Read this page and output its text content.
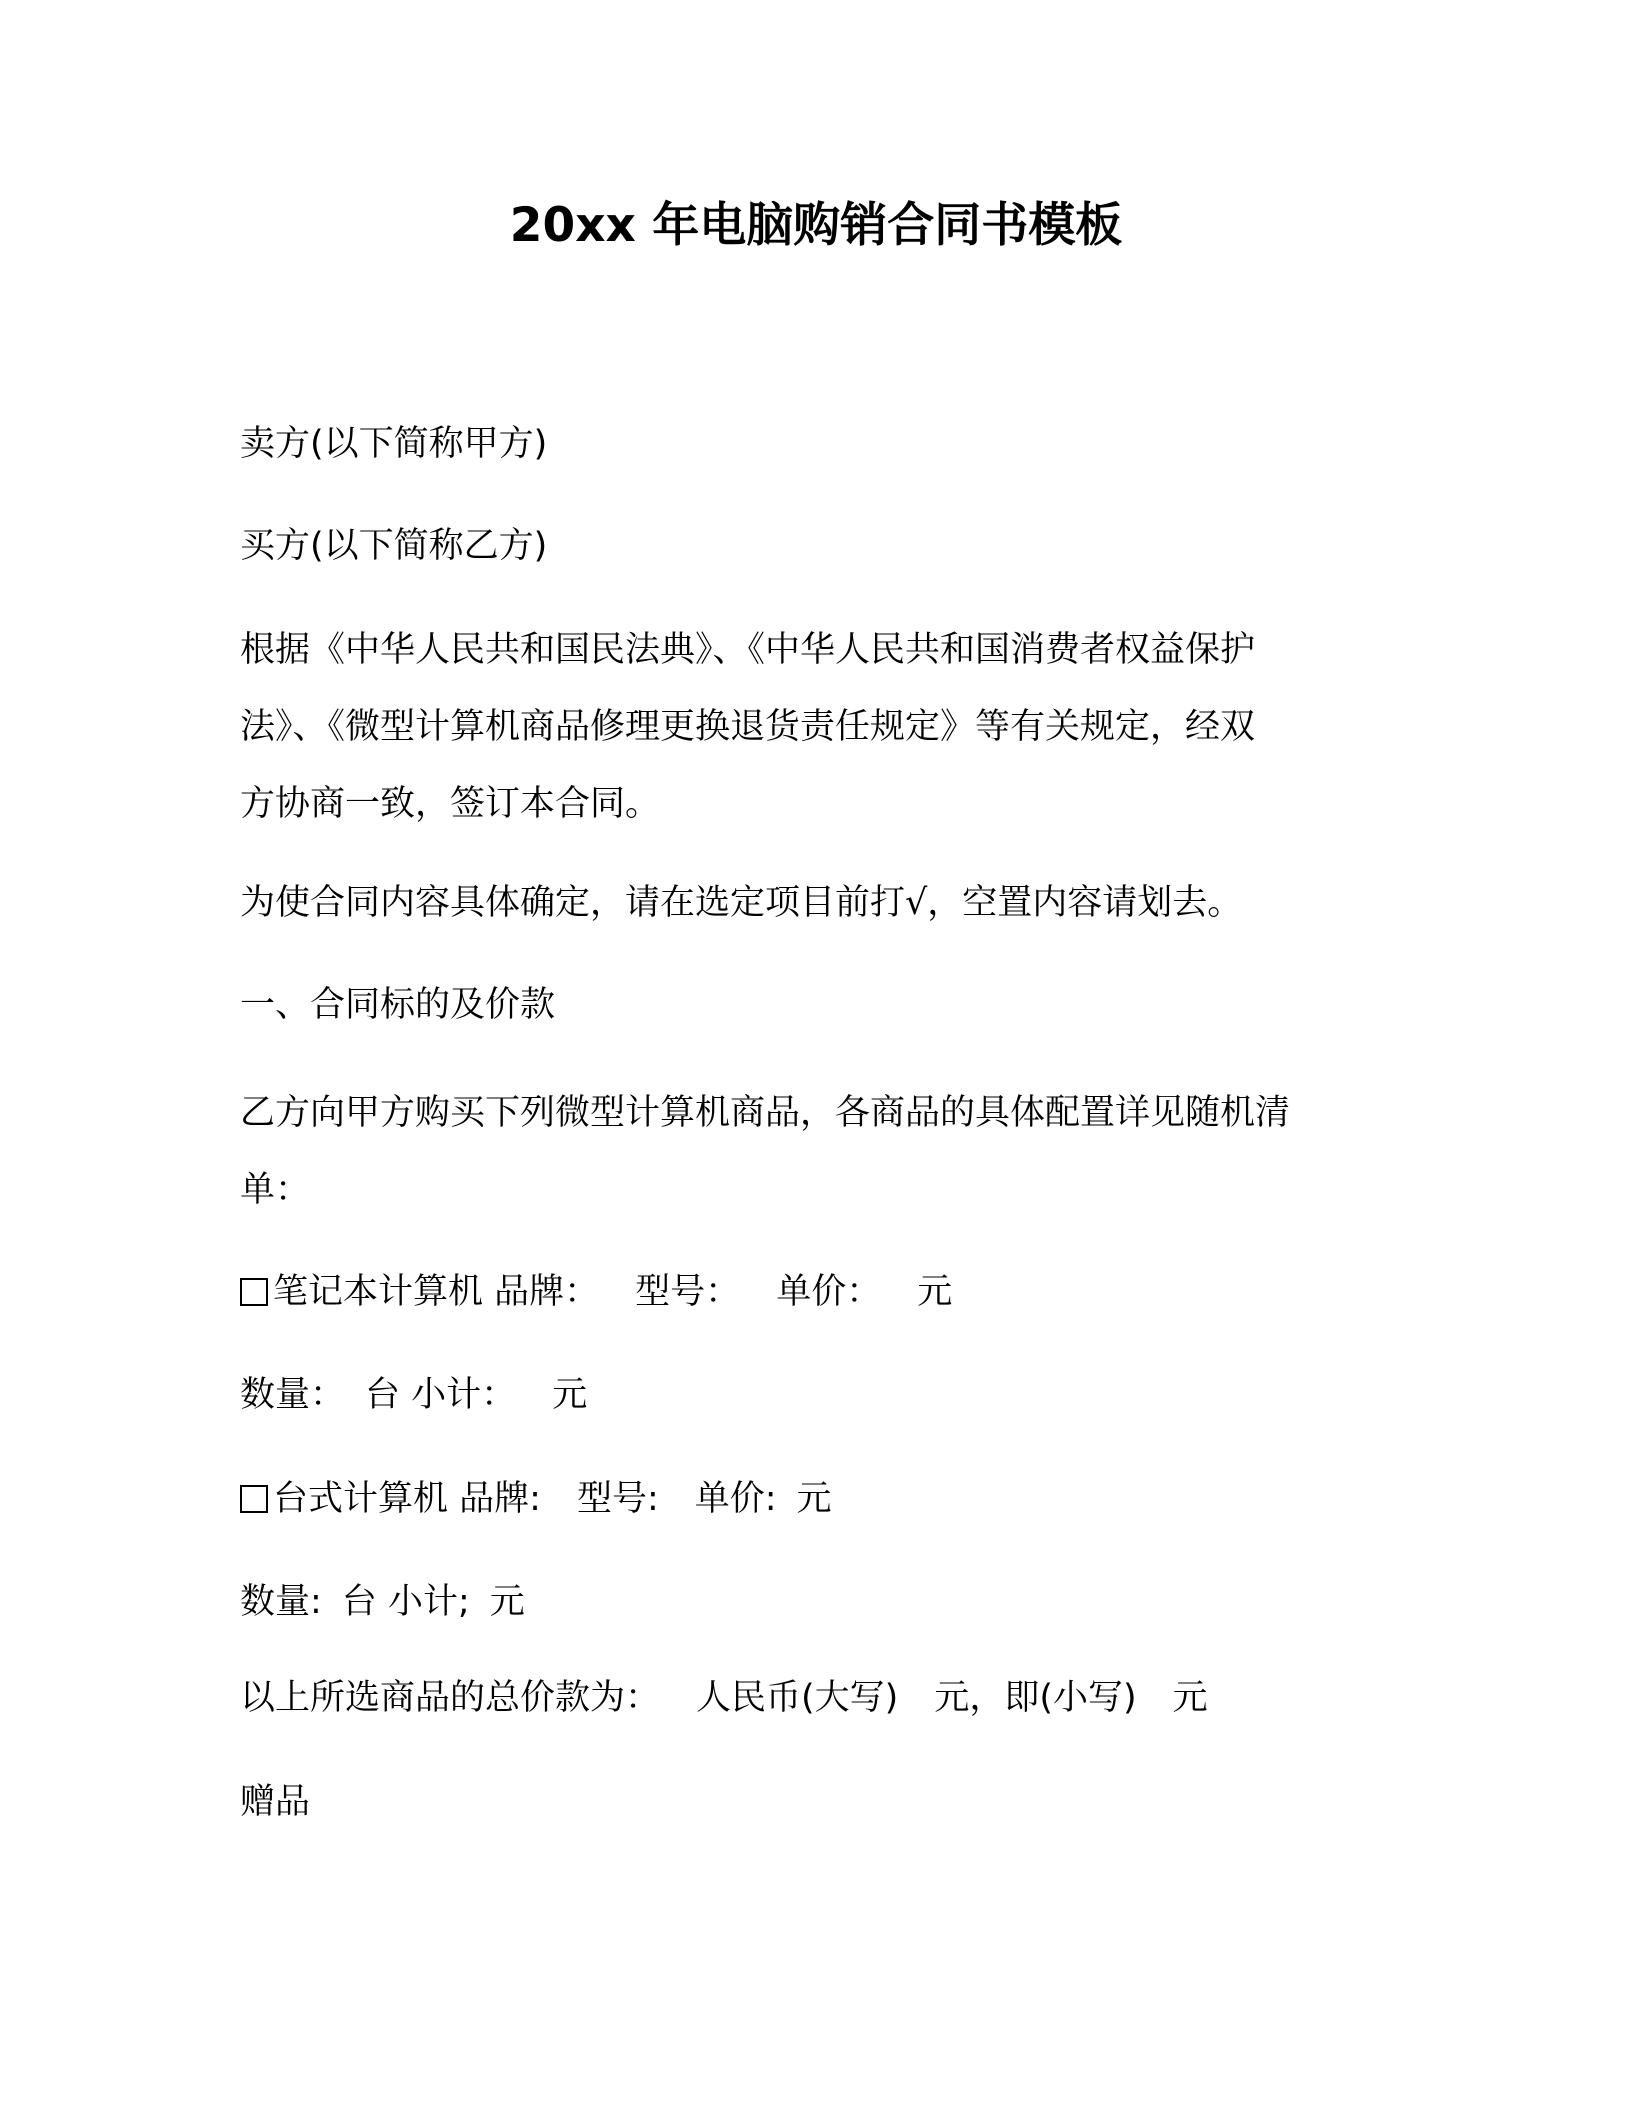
20xx 年电脑购销合同书模板
卖方(以下简称甲方)
买方(以下简称乙方)
根据《中华人民共和国民法典》、《中华人民共和国消费者权益保护
法》、《微型计算机商品修理更换退货责任规定》等有关规定，经双
方协商一致，签订本合同。
为使合同内容具体确定，请在选定项目前打√，空置内容请划去。
一、合同标的及价款
乙方向甲方购买下列微型计算机商品，各商品的具体配置详见随机清
单：
笔记本计算机 品牌： 型号： 单价： 元
数量： 台 小计： 元
台式计算机 品牌: 型号: 单价: 元
数量: 台 小计; 元
以上所选商品的总价款为： 人民币(大写) 元，即(小写) 元
赠品
